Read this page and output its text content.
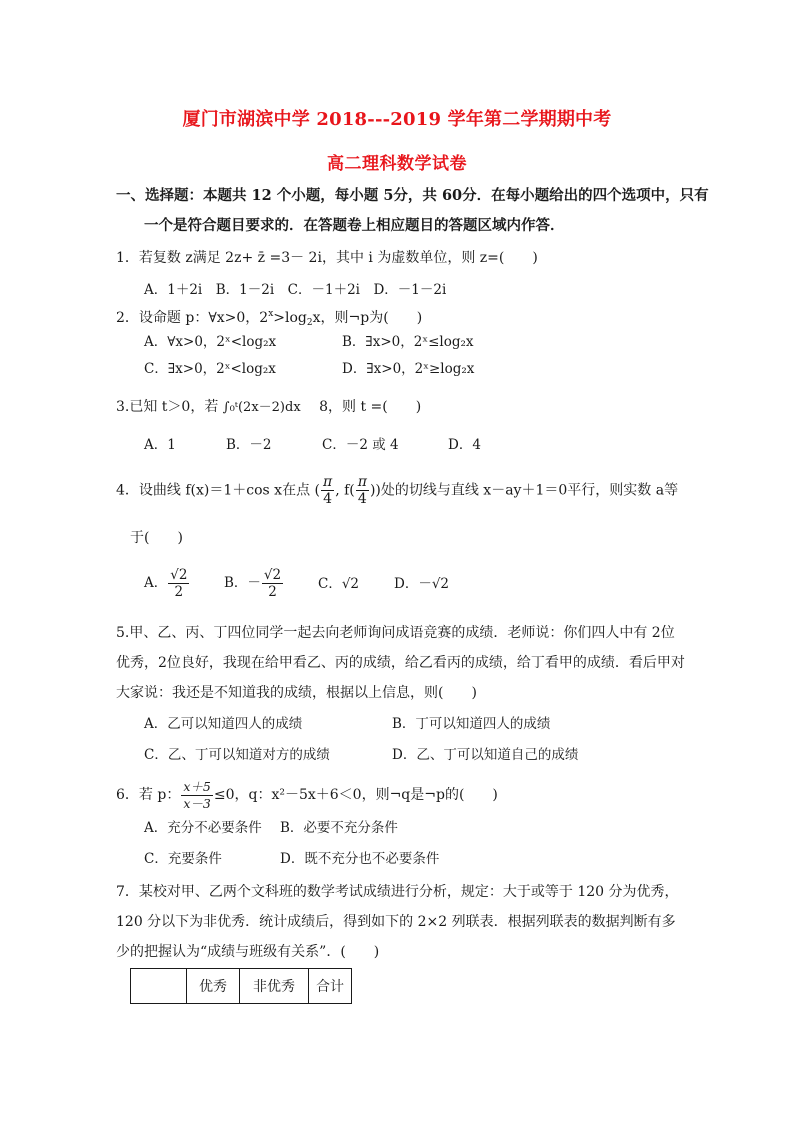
厦门市湖滨中学 2018---2019 学年第二学期期中考
高二理科数学试卷
一、选择题：本题共 12 个小题，每小题 5分，共 60分．在每小题给出的四个选项中，只有
一个是符合题目要求的．在答题卷上相应题目的答题区域内作答．
1．若复数 z满足 2z+ z̄ =3－ 2i，其中 i 为虚数单位，则 z=(　　)
A．1＋2i　B．1－2i　C．－1＋2i　D．－1－2i
2．设命题 p：∀x>0，$2^x>\log_2x$，则¬p为(　　)
A．∀x>0，2ˣ<log₂x	B．∃x>0，2ˣ≤log₂x
C．∃x>0，2ˣ<log₂x	D．∃x>0，2ˣ≥log₂x
3.已知 t＞0，若 ∫₀ᵗ(2x－2)dx 8，则 t =(　　)
A．1	B．－2	C．－2 或 4	D．4
4．设曲线 f(x)＝1＋cos x在点 ( $\frac{\pi}{4}$ , $f( \frac{\pi}{4}$ ))处的切线与直线 x－ay＋1＝0平行，则实数 a等
于(　　)
A． $\frac{√2}{2}$	B．－ $\frac{√2}{2}$	C．√2	D．－√2
5.甲、乙、丙、丁四位同学一起去向老师询问成语竞赛的成绩．老师说：你们四人中有 2位
优秀，2位良好，我现在给甲看乙、丙的成绩，给乙看丙的成绩，给丁看甲的成绩．看后甲对
大家说：我还是不知道我的成绩，根据以上信息，则(　　)
A．乙可以知道四人的成绩	B．丁可以知道四人的成绩
C．乙、丁可以知道对方的成绩	D．乙、丁可以知道自己的成绩
6．若 p： $\frac{x+5}{x-3} \le 0$，q：x²－5x＋6＜0，则¬q是¬p的(　　)
A．充分不必要条件 B．必要不充分条件
C．充要条件	D．既不充分也不必要条件
7．某校对甲、乙两个文科班的数学考试成绩进行分析，规定：大于或等于 120 分为优秀，
120 分以下为非优秀．统计成绩后，得到如下的 2×2 列联表．根据列联表的数据判断有多
少的把握认为“成绩与班级有关系”．(　　)
	优秀	非优秀	合计
